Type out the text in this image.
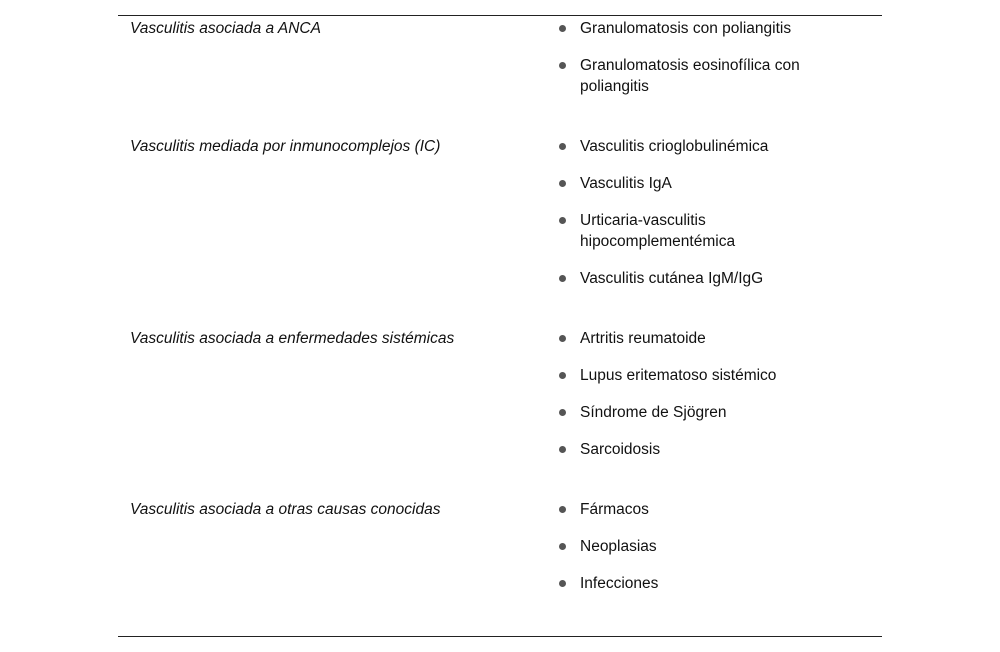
Vasculitis asociada a ANCA	Granulomatosis con poliangitis
Granulomatosis eosinofílica con poliangitis
Vasculitis mediada por inmunocomplejos (IC)	Vasculitis crioglobulinémica
Vasculitis IgA
Urticaria-vasculitis hipocomplementémica
Vasculitis cutánea IgM/IgG
Vasculitis asociada a enfermedades sistémicas	Artritis reumatoide
Lupus eritematoso sistémico
Síndrome de Sjögren
Sarcoidosis
Vasculitis asociada a otras causas conocidas	Fármacos
Neoplasias
Infecciones
